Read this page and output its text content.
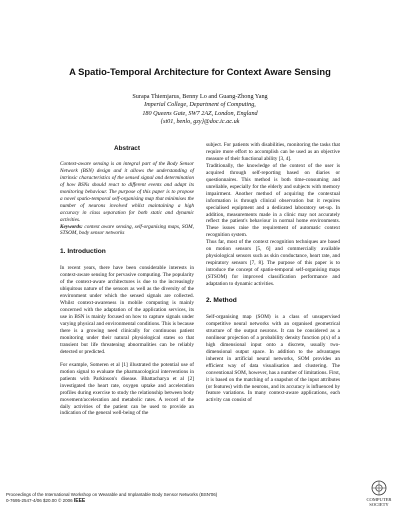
A Spatio-Temporal Architecture for Context Aware Sensing
Surapa Thiemjarus, Benny Lo and Guang-Zhong Yang
Imperial College, Department of Computing,
180 Queens Gate, SW7 2AZ, London, England
{st01, benlo, gzy}@doc.ic.ac.uk
Abstract

Context-aware sensing is an integral part of the Body Sensor Network (BSN) design and it allows the understanding of intrinsic characteristics of the sensed signal and determination of how BSNs should react to different events and adapt its monitoring behaviour. The purpose of this paper is to propose a novel spatio-temporal self-organising map that minimises the number of neurons involved whilst maintaining a high accuracy in class separation for both static and dynamic activities.

Keywords: context aware sensing, self-organising maps, SOM, STSOM, body sensor networks

1. Introduction

In recent years, there have been considerable interests in context-aware sensing for pervasive computing. The popularity of the context-aware architectures is due to the increasingly ubiquitous nature of the sensors as well as the diversity of the environment under which the sensed signals are collected. Whilst context-awareness in mobile computing is mainly concerned with the adaptation of the application services, its use in BSN is mainly focused on how to capture signals under varying physical and environmental conditions. This is because there is a growing need clinically for continuous patient monitoring under their natural physiological states so that transient but life threatening abnormalities can be reliably detected or predicted.

For example, Someren et al [1] illustrated the potential use of motion signal to evaluate the pharmacological interventions in patients with Parkinson's disease. Bhattacharya et al [2] investigated the heart rate, oxygen uptake and acceleration profiles during exercise to study the relationship between body movement/acceleration and metabolic rates. A record of the daily activities of the patient can be used to provide an indication of the general well-being of the

subject. For patients with disabilities, monitoring the tasks that require more effort to accomplish can be used as an objective measure of their functional ability [3, 4].

Traditionally, the knowledge of the context of the user is acquired through self-reporting based on diaries or questionnaires. This method is both time-consuming and unreliable, especially for the elderly and subjects with memory impairment. Another method of acquiring the contextual information is through clinical observation but it requires specialised equipment and a dedicated laboratory set-up. In addition, measurements made in a clinic may not accurately reflect the patient's behaviour in normal home environments. These issues raise the requirement of automatic context recognition system.

Thus far, most of the context recognition techniques are based on motion sensors [5, 6] and commercially available physiological sensors such as skin conductance, heart rate, and respiratory sensors [7, 8]. The purpose of this paper is to introduce the concept of spatio-temporal self-organising maps (STSOM) for improved classification performance and adaptation to dynamic activities.

2. Method

Self-organising map (SOM) is a class of unsupervised competitive neural networks with an organised geometrical structure of the output neurons. It can be considered as a nonlinear projection of a probability density function p(x) of a high dimensional input onto a discrete, usually two-dimensional output space. In addition to the advantages inherent in artificial neural networks, SOM provides an efficient way of data visualisation and clustering. The conventional SOM, however, has a number of limitations. First, it is based on the matching of a snapshot of the input attributes (or features) with the neurons, and its accuracy is influenced by feature variations. In many context-aware applications, each activity can consist of

Proceedings of the International Workshop on Wearable and Implantable Body Sensor Networks (BSN'06)
0-7695-2547-4/06 $20.00 © 2006 IEEE	COMPUTER
SOCIETY
